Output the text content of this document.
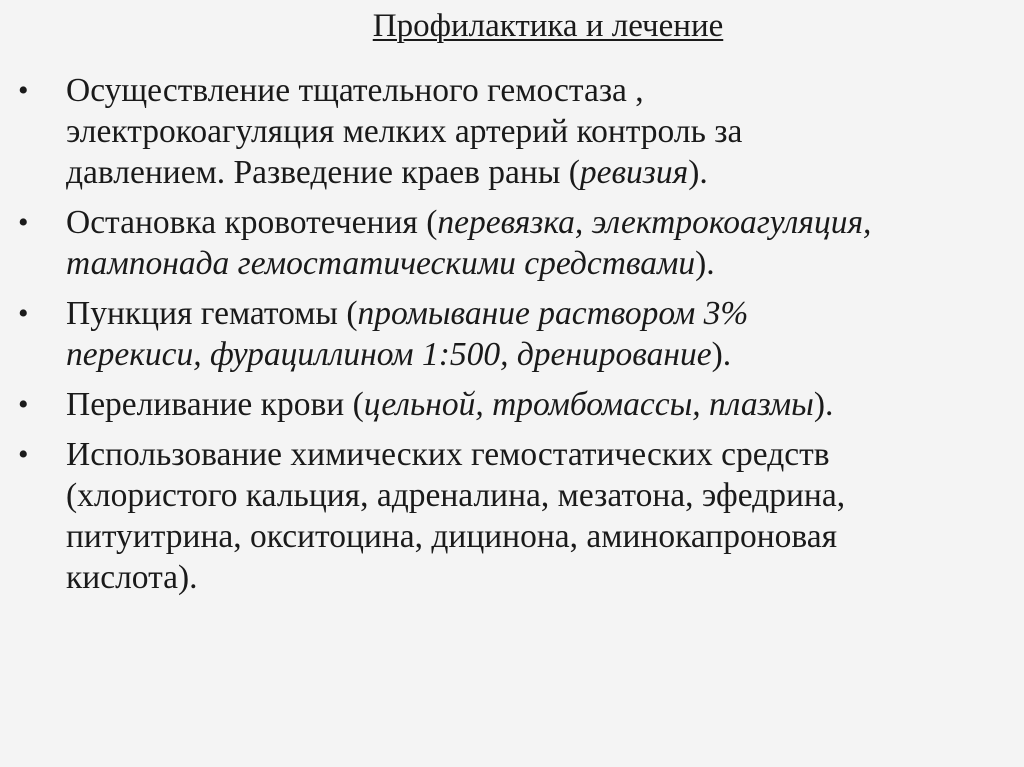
Профилактика и лечение
•	Осуществление тщательного гемостаза ,
электрокоагуляция мелких артерий контроль за
давлением. Разведение краев раны (ревизия).
•	Остановка кровотечения (перевязка, электрокоагуляция,
тампонада гемостатическими средствами).
•	Пункция гематомы (промывание раствором 3%
перекиси, фурациллином 1:500, дренирование).
•	Переливание крови (цельной, тромбомассы, плазмы).
•	Использование химических гемостатических средств
(хлористого кальция, адреналина, мезатона, эфедрина,
питуитрина, окситоцина, дицинона, аминокапроновая
кислота).
